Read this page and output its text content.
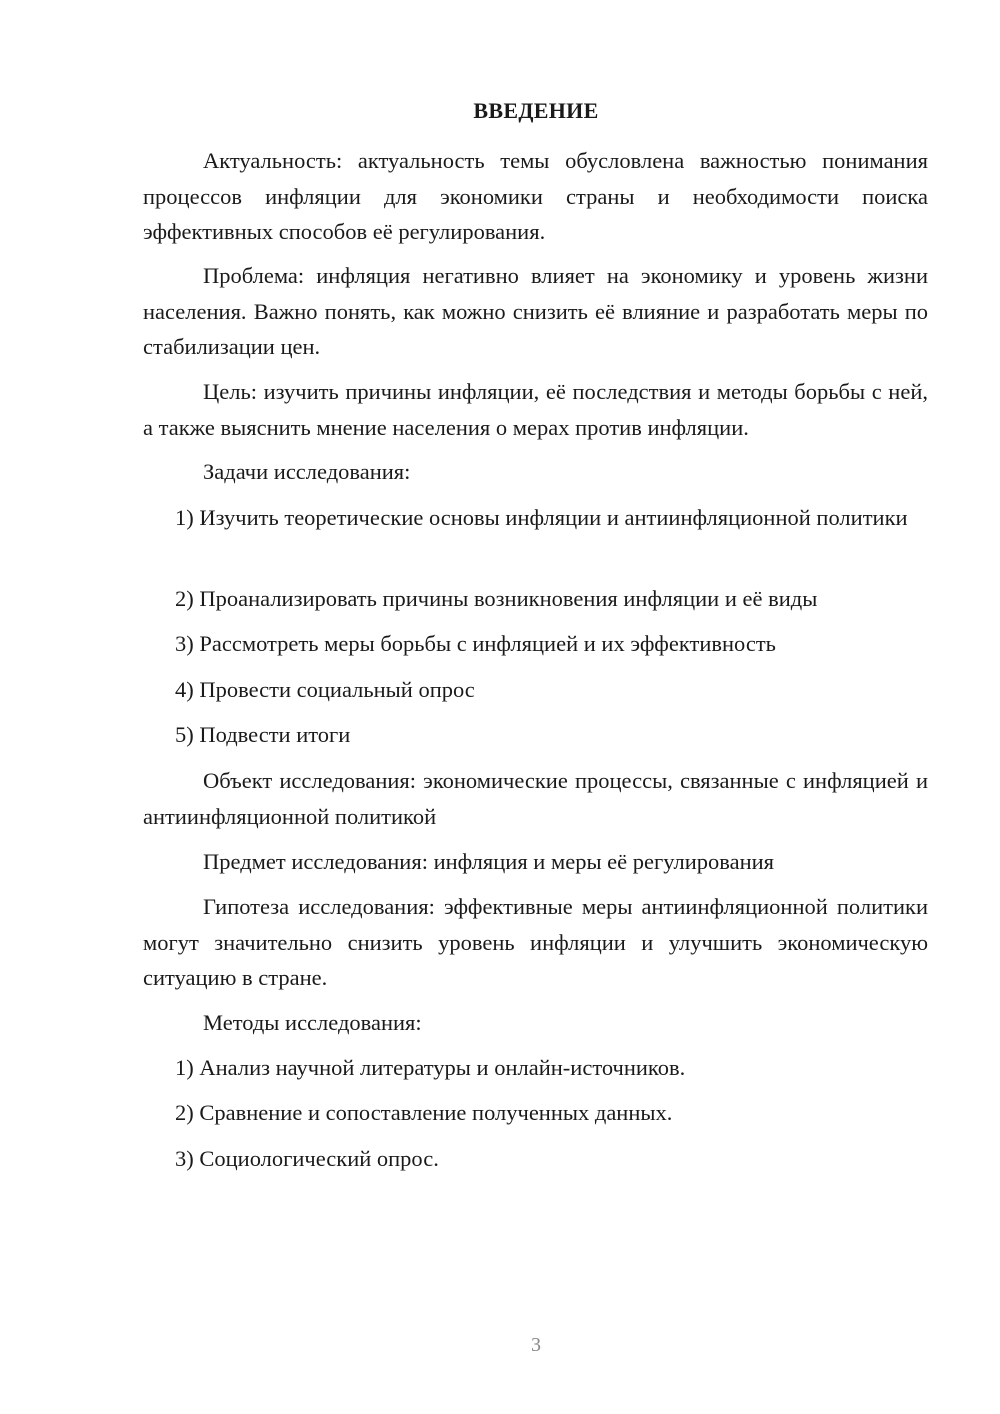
ВВЕДЕНИЕ

Актуальность: актуальность темы обусловлена важностью понимания процессов инфляции для экономики страны и необходимости поиска эффективных способов её регулирования.

Проблема: инфляция негативно влияет на экономику и уровень жизни населения. Важно понять, как можно снизить её влияние и разработать меры по стабилизации цен.

Цель: изучить причины инфляции, её последствия и методы борьбы с ней, а также выяснить мнение населения о мерах против инфляции.

Задачи исследования:

1) Изучить теоретические основы инфляции и антиинфляционной политики

2) Проанализировать причины возникновения инфляции и её виды

3) Рассмотреть меры борьбы с инфляцией и их эффективность

4) Провести социальный опрос

5) Подвести итоги

Объект исследования: экономические процессы, связанные с инфляцией и антиинфляционной политикой

Предмет исследования: инфляция и меры её регулирования

Гипотеза исследования: эффективные меры антиинфляционной политики могут значительно снизить уровень инфляции и улучшить экономическую ситуацию в стране.

Методы исследования:

1) Анализ научной литературы и онлайн-источников.

2) Сравнение и сопоставление полученных данных.

3) Социологический опрос.

3
